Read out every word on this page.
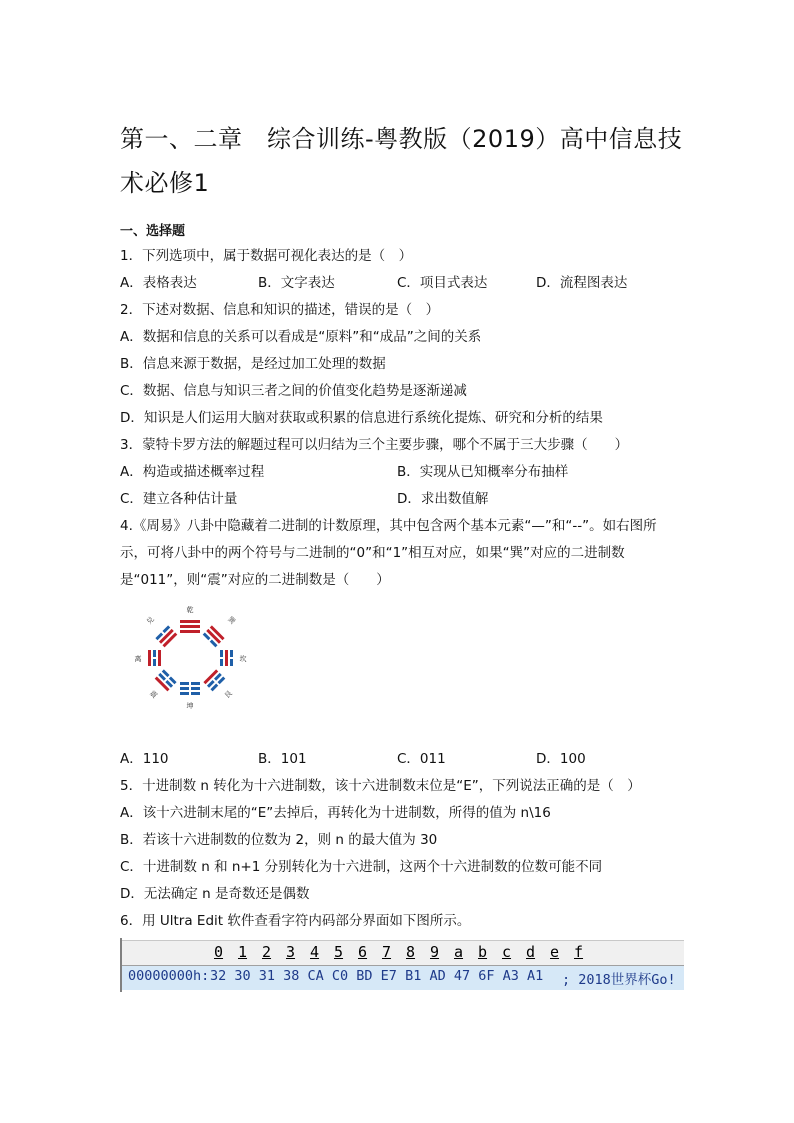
第一、二章　综合训练-粤教版（2019）高中信息技术必修1
一、选择题
1．下列选项中，属于数据可视化表达的是（　）
A．表格表达	B．文字表达	C．项目式表达	D．流程图表达
2．下述对数据、信息和知识的描述，错误的是（　）
A．数据和信息的关系可以看成是“原料”和“成品”之间的关系
B．信息来源于数据，是经过加工处理的数据
C．数据、信息与知识三者之间的价值变化趋势是逐渐递减
D．知识是人们运用大脑对获取或积累的信息进行系统化提炼、研究和分析的结果
3．蒙特卡罗方法的解题过程可以归结为三个主要步骤，哪个不属于三大步骤（　　）
A．构造或描述概率过程	B．实现从已知概率分布抽样
C．建立各种估计量	D．求出数值解
4.《周易》八卦中隐藏着二进制的计数原理，其中包含两个基本元素“—”和“--”。如右图所示，可将八卦中的两个符号与二进制的“0”和“1”相互对应，如果“巽”对应的二进制数是“011”，则“震”对应的二进制数是（　　）
乾
兑	巽
离	坎
震	艮
坤
A．110	B．101	C．011	D．100
5．十进制数 n 转化为十六进制数，该十六进制数末位是“E”，下列说法正确的是（　）
A．该十六进制末尾的“E”去掉后，再转化为十进制数，所得的值为 n\16
B．若该十六进制数的位数为 2，则 n 的最大值为 30
C．十进制数 n 和 n+1 分别转化为十六进制，这两个十六进制数的位数可能不同
D．无法确定 n 是奇数还是偶数
6．用 Ultra Edit 软件查看字符内码部分界面如下图所示。
0 1 2 3 4 5 6 7 8 9 a b c d e f
00000000h: 32 30 31 38 CA C0 BD E7 B1 AD 47 6F A3 A1 ; 2018世界杯Go!
